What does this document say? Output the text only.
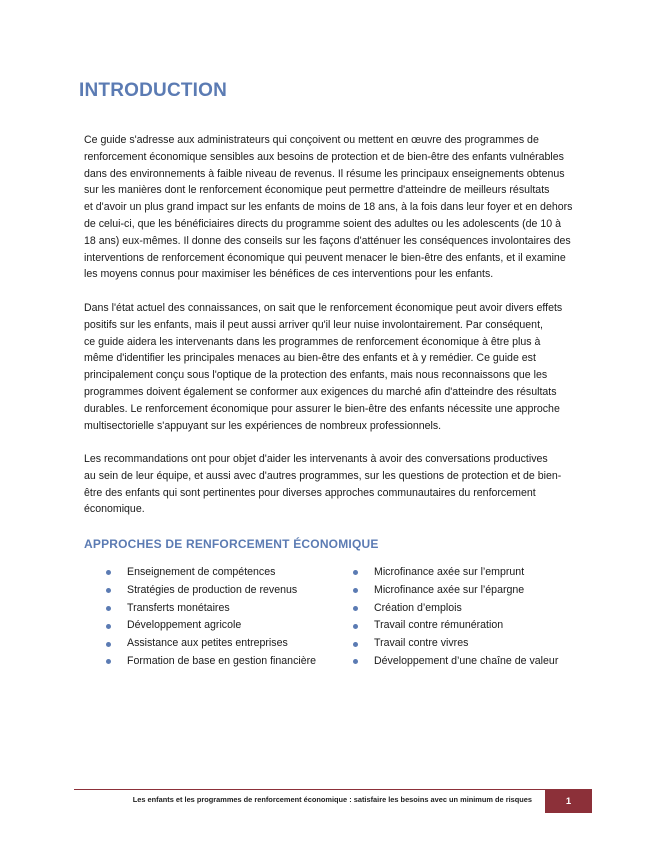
INTRODUCTION

Ce guide s'adresse aux administrateurs qui conçoivent ou mettent en œuvre des programmes de
renforcement économique sensibles aux besoins de protection et de bien-être des enfants vulnérables
dans des environnements à faible niveau de revenus. Il résume les principaux enseignements obtenus
sur les manières dont le renforcement économique peut permettre d'atteindre de meilleurs résultats
et d'avoir un plus grand impact sur les enfants de moins de 18 ans, à la fois dans leur foyer et en dehors
de celui-ci, que les bénéficiaires directs du programme soient des adultes ou les adolescents (de 10 à
18 ans) eux-mêmes. Il donne des conseils sur les façons d'atténuer les conséquences involontaires des
interventions de renforcement économique qui peuvent menacer le bien-être des enfants, et il examine
les moyens connus pour maximiser les bénéfices de ces interventions pour les enfants.

Dans l'état actuel des connaissances, on sait que le renforcement économique peut avoir divers effets
positifs sur les enfants, mais il peut aussi arriver qu'il leur nuise involontairement. Par conséquent,
ce guide aidera les intervenants dans les programmes de renforcement économique à être plus à
même d'identifier les principales menaces au bien-être des enfants et à y remédier. Ce guide est
principalement conçu sous l'optique de la protection des enfants, mais nous reconnaissons que les
programmes doivent également se conformer aux exigences du marché afin d'atteindre des résultats
durables. Le renforcement économique pour assurer le bien-être des enfants nécessite une approche
multisectorielle s'appuyant sur les expériences de nombreux professionnels.

Les recommandations ont pour objet d'aider les intervenants à avoir des conversations productives
au sein de leur équipe, et aussi avec d'autres programmes, sur les questions de protection et de bien-
être des enfants qui sont pertinentes pour diverses approches communautaires du renforcement
économique.

APPROCHES DE RENFORCEMENT ÉCONOMIQUE
Enseignement de compétences
Stratégies de production de revenus
Transferts monétaires
Développement agricole
Assistance aux petites entreprises
Formation de base en gestion financière
Microfinance axée sur l’emprunt
Microfinance axée sur l’épargne
Création d’emplois
Travail contre rémunération
Travail contre vivres
Développement d’une chaîne de valeur
Les enfants et les programmes de renforcement économique : satisfaire les besoins avec un minimum de risques	1
